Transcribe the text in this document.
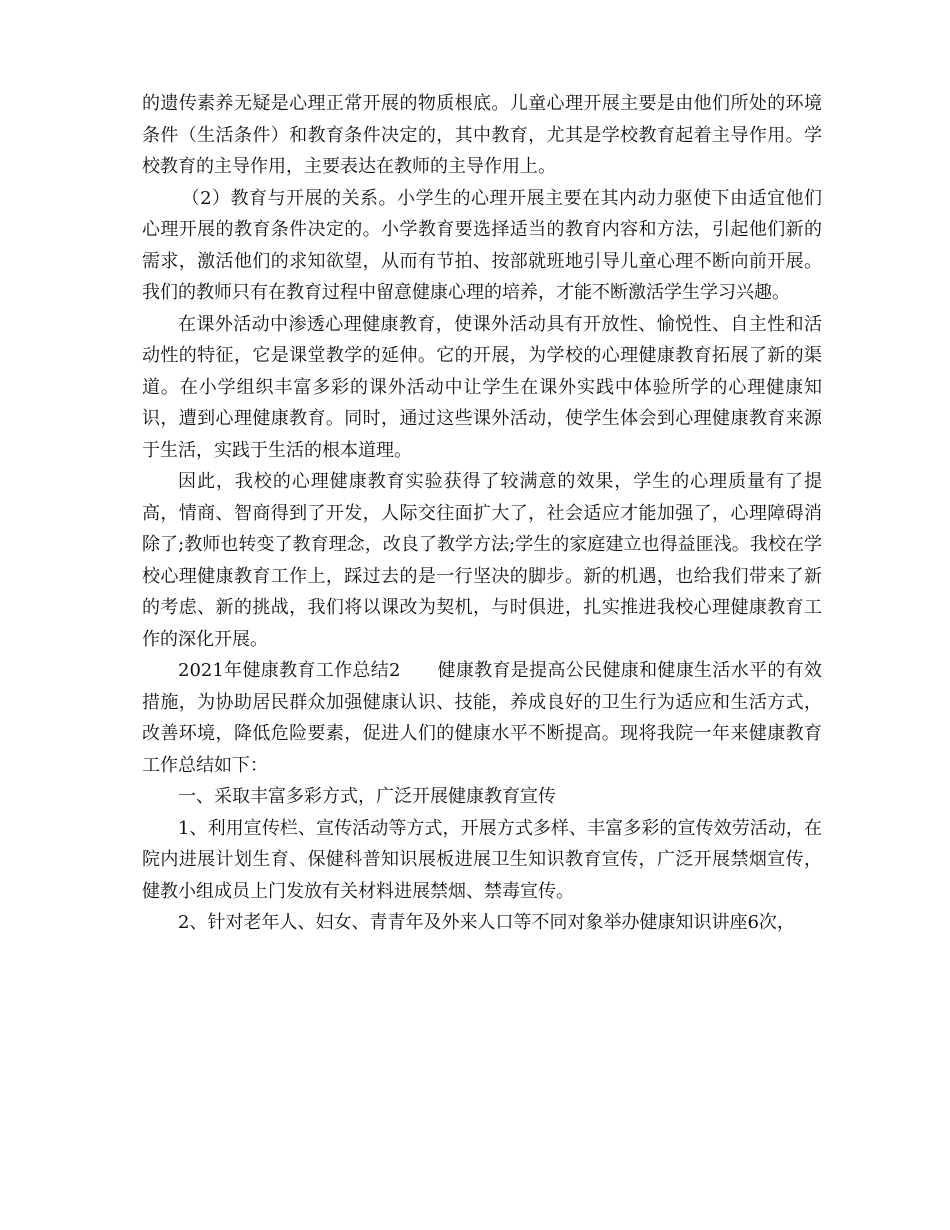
的遗传素养无疑是心理正常开展的物质根底。儿童心理开展主要是由他们所处的环境条件（生活条件）和教育条件决定的，其中教育，尤其是学校教育起着主导作用。学校教育的主导作用，主要表达在教师的主导作用上。

（2）教育与开展的关系。小学生的心理开展主要在其内动力驱使下由适宜他们心理开展的教育条件决定的。小学教育要选择适当的教育内容和方法，引起他们新的需求，激活他们的求知欲望，从而有节拍、按部就班地引导儿童心理不断向前开展。我们的教师只有在教育过程中留意健康心理的培养，才能不断激活学生学习兴趣。

在课外活动中渗透心理健康教育，使课外活动具有开放性、愉悦性、自主性和活动性的特征，它是课堂教学的延伸。它的开展，为学校的心理健康教育拓展了新的渠道。在小学组织丰富多彩的课外活动中让学生在课外实践中体验所学的心理健康知识，遭到心理健康教育。同时，通过这些课外活动，使学生体会到心理健康教育来源于生活，实践于生活的根本道理。

因此，我校的心理健康教育实验获得了较满意的效果，学生的心理质量有了提高，情商、智商得到了开发，人际交往面扩大了，社会适应才能加强了，心理障碍消除了;教师也转变了教育理念，改良了教学方法;学生的家庭建立也得益匪浅。我校在学校心理健康教育工作上，踩过去的是一行坚决的脚步。新的机遇，也给我们带来了新的考虑、新的挑战，我们将以课改为契机，与时俱进，扎实推进我校心理健康教育工作的深化开展。

2021年健康教育工作总结2　　健康教育是提高公民健康和健康生活水平的有效措施，为协助居民群众加强健康认识、技能，养成良好的卫生行为适应和生活方式，改善环境，降低危险要素，促进人们的健康水平不断提高。现将我院一年来健康教育工作总结如下：

一、采取丰富多彩方式，广泛开展健康教育宣传

1、利用宣传栏、宣传活动等方式，开展方式多样、丰富多彩的宣传效劳活动，在院内进展计划生育、保健科普知识展板进展卫生知识教育宣传，广泛开展禁烟宣传，健教小组成员上门发放有关材料进展禁烟、禁毒宣传。

2、针对老年人、妇女、青青年及外来人口等不同对象举办健康知识讲座6次，
